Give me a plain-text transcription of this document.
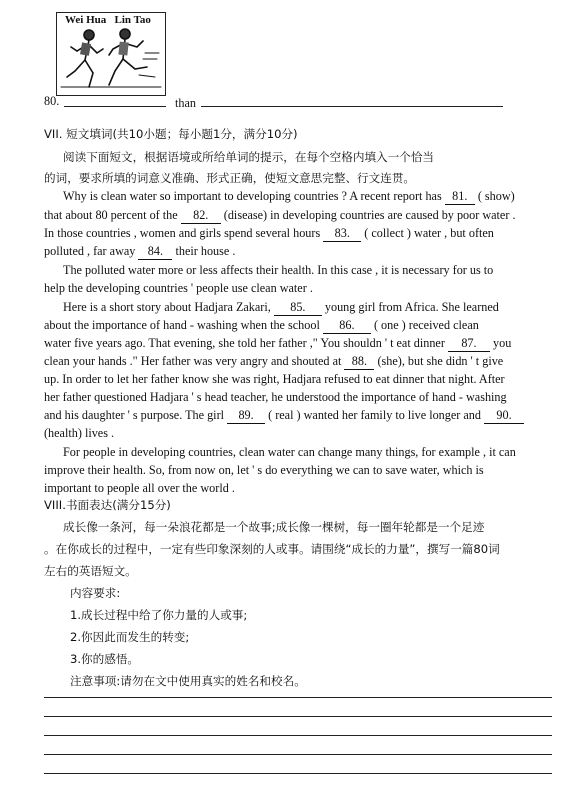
Wei Hua   Lin Tao
80.	than
VII. 短文填词(共10小题；每小题1分，满分10分)
阅读下面短文，根据语境或所给单词的提示，在每个空格内填入一个恰当
的词，要求所填的词意义准确、形式正确，使短文意思完整、行文连贯。
Why is clean water so important to developing countries ? A recent report has 81. ( show)
that about 80 percent of the 82. (disease) in developing countries are caused by poor water .
In those countries , women and girls spend several hours 83. ( collect ) water , but often
polluted , far away 84. their house .
The polluted water more or less affects their health. In this case , it is necessary for us to
help the developing countries ' people use clean water .
Here is a short story about Hadjara Zakari, 85. young girl from Africa. She learned
about the importance of hand - washing when the school 86. ( one ) received clean
water five years ago. That evening, she told her father ," You shouldn ' t eat dinner 87. you
clean your hands ." Her father was very angry and shouted at 88. (she), but she didn ' t give
up. In order to let her father know she was right, Hadjara refused to eat dinner that night. After
her father questioned Hadjara ' s head teacher, he understood the importance of hand - washing
and his daughter ' s purpose. The girl 89. ( real ) wanted her family to live longer and 90.
(health) lives .
For people in developing countries, clean water can change many things, for example , it can
improve their health. So, from now on, let ' s do everything we can to save water, which is
important to people all over the world .
VIII.书面表达(满分15分)
成长像一条河，每一朵浪花都是一个故事;成长像一棵树，每一圈年轮都是一个足迹
。在你成长的过程中，一定有些印象深刻的人或事。请围绕“成长的力量”，撰写一篇80词
左右的英语短文。
内容要求:
1.成长过程中给了你力量的人或事;
2.你因此而发生的转变;
3.你的感悟。
注意事项:请勿在文中使用真实的姓名和校名。
